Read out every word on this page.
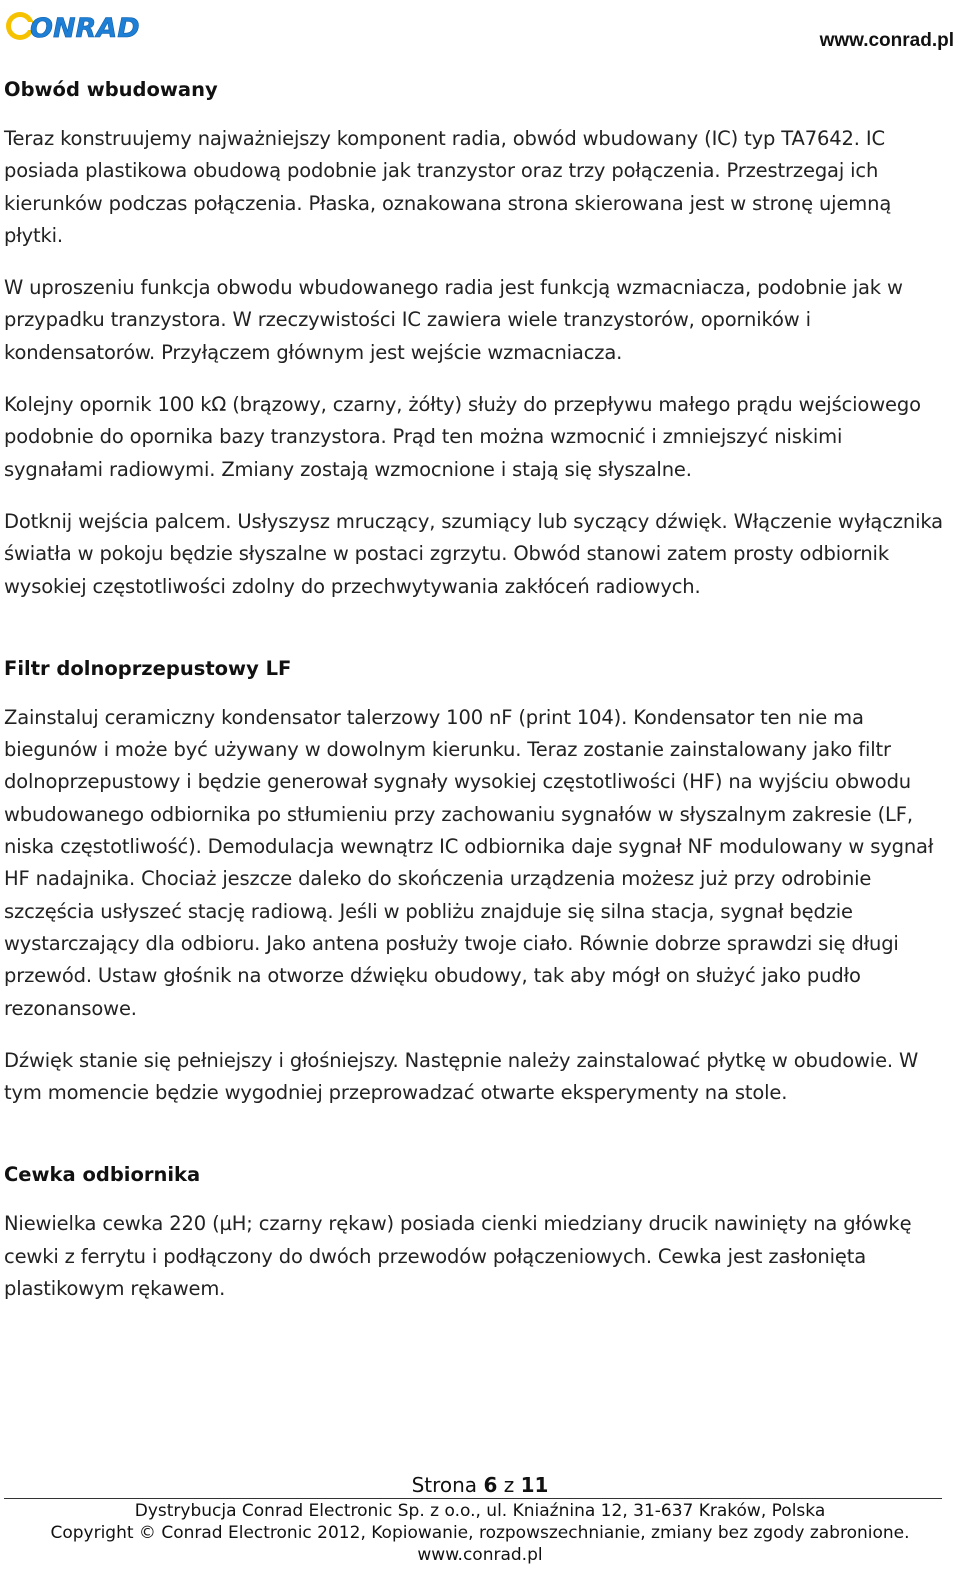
ONRAD	www.conrad.pl
Obwód wbudowany

Teraz konstruujemy najważniejszy komponent radia, obwód wbudowany (IC) typ TA7642. IC posiada plastikowa obudową podobnie jak tranzystor oraz trzy połączenia. Przestrzegaj ich kierunków podczas połączenia. Płaska, oznakowana strona skierowana jest w stronę ujemną płytki.

W uproszeniu funkcja obwodu wbudowanego radia jest funkcją wzmacniacza, podobnie jak w przypadku tranzystora. W rzeczywistości IC zawiera wiele tranzystorów, oporników i kondensatorów. Przyłączem głównym jest wejście wzmacniacza.

Kolejny opornik 100 kΩ (brązowy, czarny, żółty) służy do przepływu małego prądu wejściowego podobnie do opornika bazy tranzystora. Prąd ten można wzmocnić i zmniejszyć niskimi sygnałami radiowymi. Zmiany zostają wzmocnione i stają się słyszalne.

Dotknij wejścia palcem. Usłyszysz mruczący, szumiący lub syczący dźwięk. Włączenie wyłącznika światła w pokoju będzie słyszalne w postaci zgrzytu. Obwód stanowi zatem prosty odbiornik wysokiej częstotliwości zdolny do przechwytywania zakłóceń radiowych.

Filtr dolnoprzepustowy LF

Zainstaluj ceramiczny kondensator talerzowy 100 nF (print 104). Kondensator ten nie ma biegunów i może być używany w dowolnym kierunku. Teraz zostanie zainstalowany jako filtr dolnoprzepustowy i będzie generował sygnały wysokiej częstotliwości (HF) na wyjściu obwodu wbudowanego odbiornika po stłumieniu przy zachowaniu sygnałów w słyszalnym zakresie (LF, niska częstotliwość). Demodulacja wewnątrz IC odbiornika daje sygnał NF modulowany w sygnał HF nadajnika. Chociaż jeszcze daleko do skończenia urządzenia możesz już przy odrobinie szczęścia usłyszeć stację radiową. Jeśli w pobliżu znajduje się silna stacja, sygnał będzie wystarczający dla odbioru. Jako antena posłuży twoje ciało. Równie dobrze sprawdzi się długi przewód. Ustaw głośnik na otworze dźwięku obudowy, tak aby mógł on służyć jako pudło rezonansowe.

Dźwięk stanie się pełniejszy i głośniejszy. Następnie należy zainstalować płytkę w obudowie. W tym momencie będzie wygodniej przeprowadzać otwarte eksperymenty na stole.

Cewka odbiornika

Niewielka cewka 220 (µH; czarny rękaw) posiada cienki miedziany drucik nawinięty na główkę cewki z ferrytu i podłączony do dwóch przewodów połączeniowych. Cewka jest zasłonięta plastikowym rękawem.

Strona 6 z 11
Dystrybucja Conrad Electronic Sp. z o.o., ul. Kniaźnina 12, 31-637 Kraków, Polska
Copyright © Conrad Electronic 2012, Kopiowanie, rozpowszechnianie, zmiany bez zgody zabronione.
www.conrad.pl
